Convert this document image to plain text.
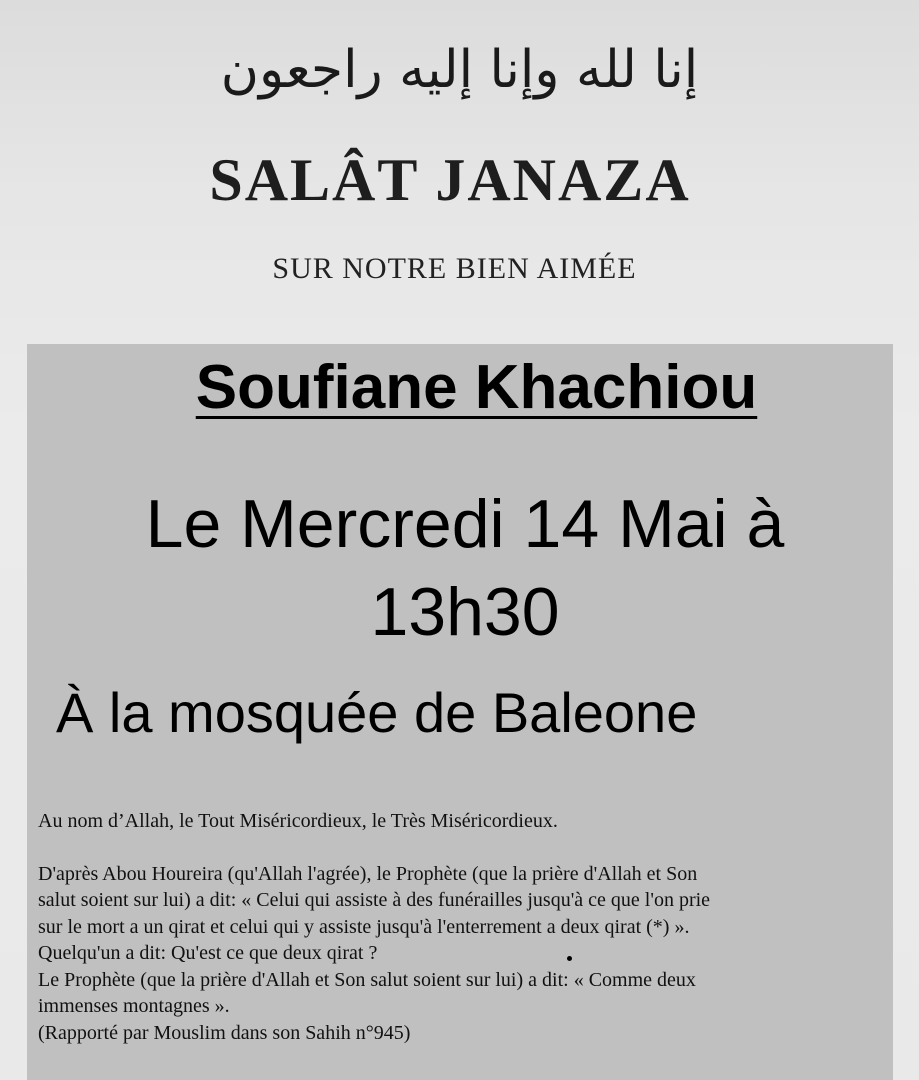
إنا لله وإنا إليه راجعون
SALÂT JANAZA
SUR NOTRE BIEN AIMÉE
Soufiane Khachiou
Le Mercredi 14 Mai à
13h30
À la mosquée de Baleone

Au nom d’Allah, le Tout Miséricordieux, le Très Miséricordieux.

D'après Abou Houreira (qu'Allah l'agrée), le Prophète (que la prière d'Allah et Son

salut soient sur lui) a dit: « Celui qui assiste à des funérailles jusqu'à ce que l'on prie

sur le mort a un qirat et celui qui y assiste jusqu'à l'enterrement a deux qirat (*) ».

Quelqu'un a dit: Qu'est ce que deux qirat ?

Le Prophète (que la prière d'Allah et Son salut soient sur lui) a dit: « Comme deux

immenses montagnes ».

(Rapporté par Mouslim dans son Sahih n°945)
